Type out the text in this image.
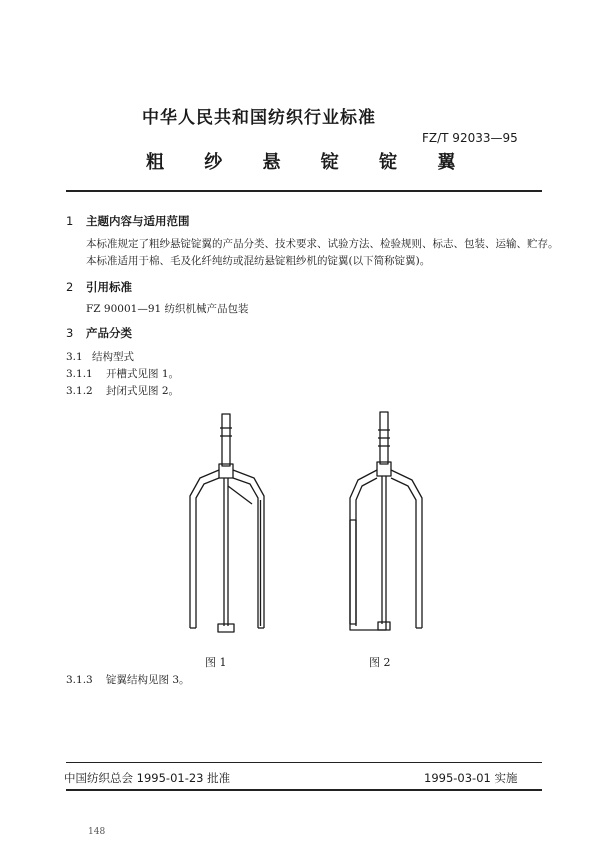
中华人民共和国纺织行业标准
FZ/T 92033—95
粗 纱 悬 锭 锭 翼
1 主题内容与适用范围
本标准规定了粗纱悬锭锭翼的产品分类、技术要求、试验方法、检验规则、标志、包装、运输、贮存。
本标准适用于棉、毛及化纤纯纺或混纺悬锭粗纱机的锭翼(以下简称锭翼)。
2 引用标准
FZ 90001—91 纺织机械产品包装
3 产品分类
3.1 结构型式
3.1.1 开槽式见图 1。
3.1.2 封闭式见图 2。
图 1	图 2
3.1.3 锭翼结构见图 3。
中国纺织总会 1995-01-23 批准	1995-03-01 实施
148
